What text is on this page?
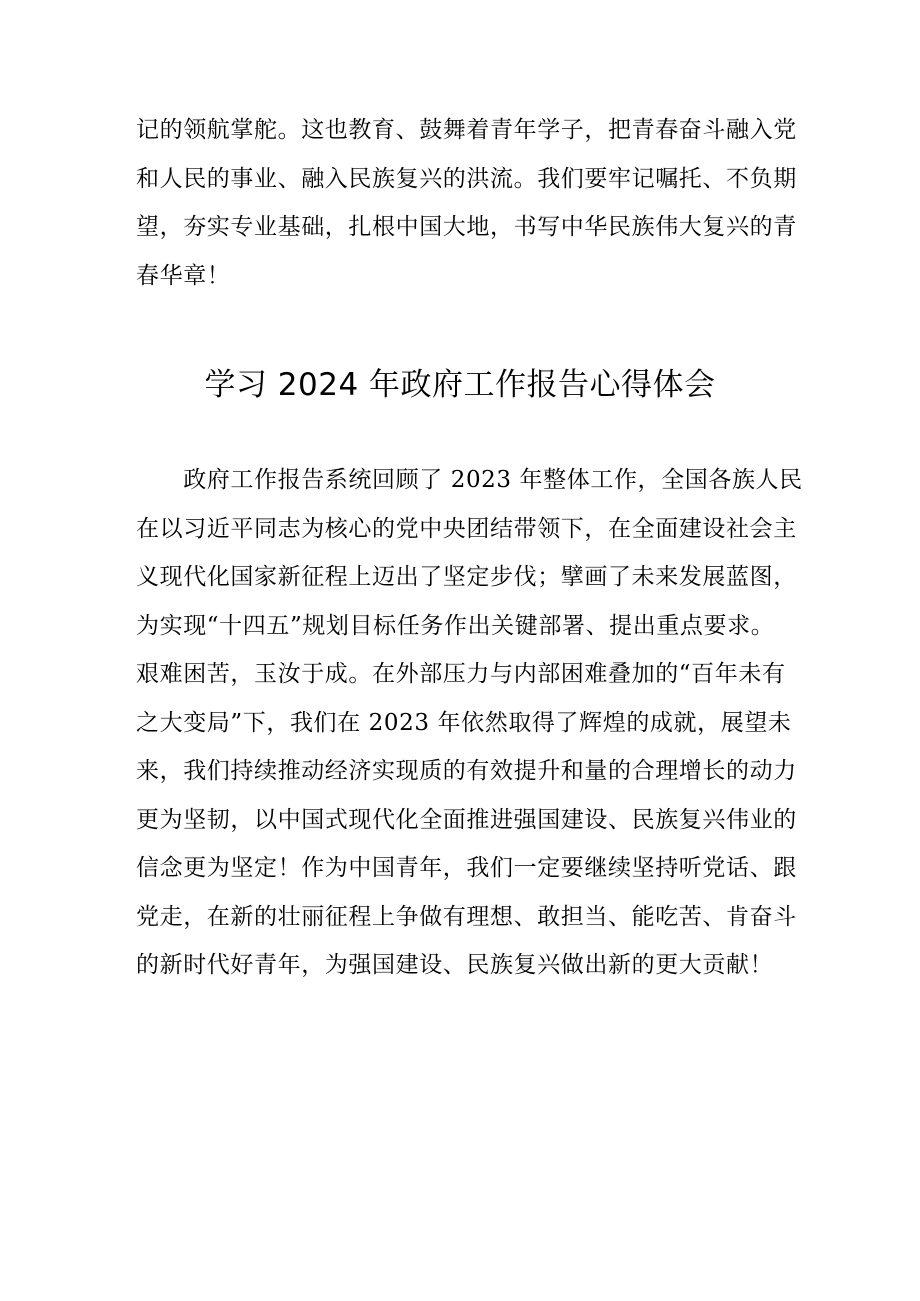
记的领航掌舵。这也教育、鼓舞着青年学子，把青春奋斗融入党
和人民的事业、融入民族复兴的洪流。我们要牢记嘱托、不负期
望，夯实专业基础，扎根中国大地，书写中华民族伟大复兴的青
春华章！

学习 2024 年政府工作报告心得体会

　　政府工作报告系统回顾了 2023 年整体工作，全国各族人民
在以习近平同志为核心的党中央团结带领下，在全面建设社会主
义现代化国家新征程上迈出了坚定步伐；擘画了未来发展蓝图，
为实现“十四五”规划目标任务作出关键部署、提出重点要求。
艰难困苦，玉汝于成。在外部压力与内部困难叠加的“百年未有
之大变局”下，我们在 2023 年依然取得了辉煌的成就，展望未
来，我们持续推动经济实现质的有效提升和量的合理增长的动力
更为坚韧，以中国式现代化全面推进强国建设、民族复兴伟业的
信念更为坚定！作为中国青年，我们一定要继续坚持听党话、跟
党走，在新的壮丽征程上争做有理想、敢担当、能吃苦、肯奋斗
的新时代好青年，为强国建设、民族复兴做出新的更大贡献！
